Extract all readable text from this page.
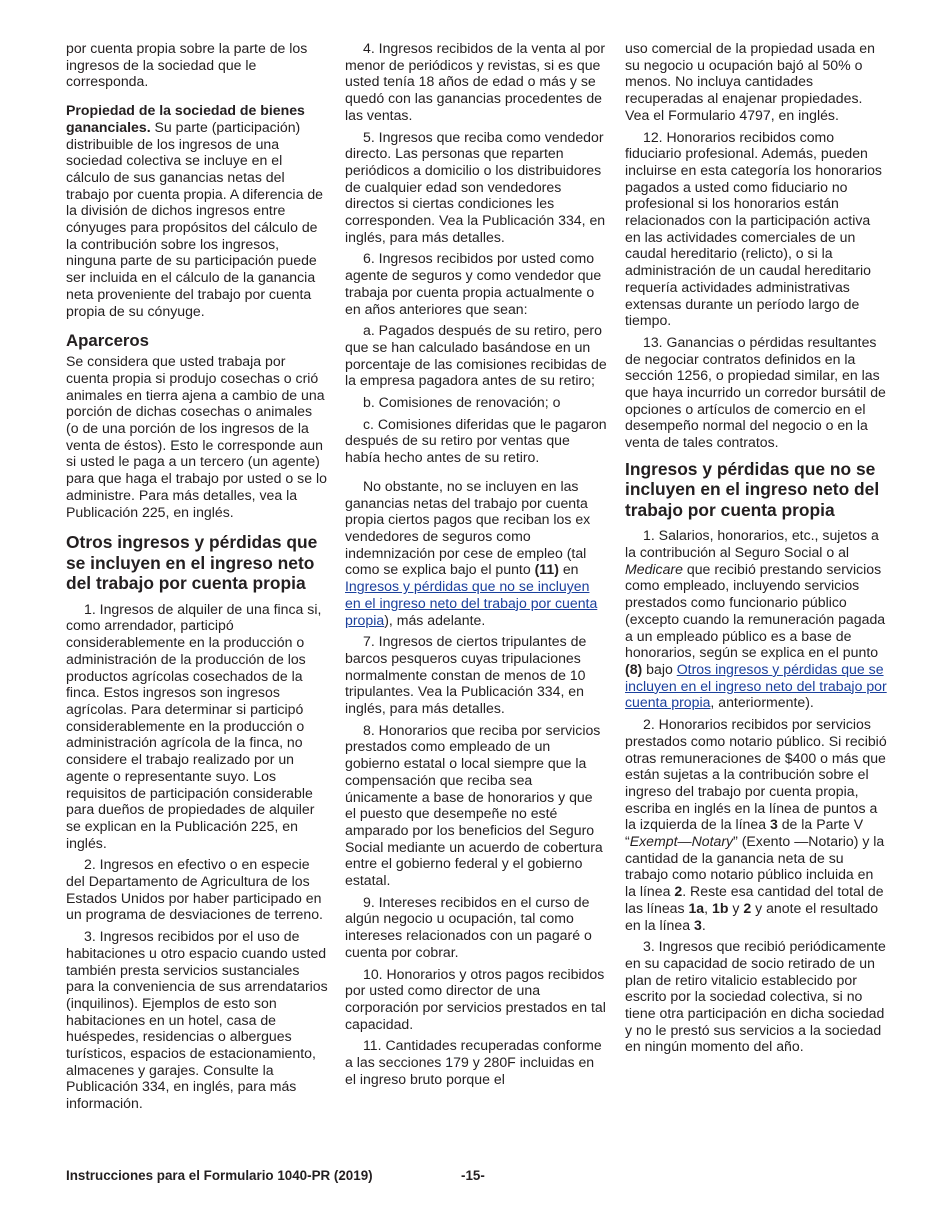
por cuenta propia sobre la parte de los ingresos de la sociedad que le corresponda.

Propiedad de la sociedad de bienes gananciales. Su parte (participación) distribuible de los ingresos de una sociedad colectiva se incluye en el cálculo de sus ganancias netas del trabajo por cuenta propia. A diferencia de la división de dichos ingresos entre cónyuges para propósitos del cálculo de la contribución sobre los ingresos, ninguna parte de su participación puede ser incluida en el cálculo de la ganancia neta proveniente del trabajo por cuenta propia de su cónyuge.

Aparceros

Se considera que usted trabaja por cuenta propia si produjo cosechas o crió animales en tierra ajena a cambio de una porción de dichas cosechas o animales (o de una porción de los ingresos de la venta de éstos). Esto le corresponde aun si usted le paga a un tercero (un agente) para que haga el trabajo por usted o se lo administre. Para más detalles, vea la Publicación 225, en inglés.

Otros ingresos y pérdidas que se incluyen en el ingreso neto del trabajo por cuenta propia

1. Ingresos de alquiler de una finca si, como arrendador, participó considerablemente en la producción o administración de la producción de los productos agrícolas cosechados de la finca. Estos ingresos son ingresos agrícolas. Para determinar si participó considerablemente en la producción o administración agrícola de la finca, no considere el trabajo realizado por un agente o representante suyo. Los requisitos de participación considerable para dueños de propiedades de alquiler se explican en la Publicación 225, en inglés.

2. Ingresos en efectivo o en especie del Departamento de Agricultura de los Estados Unidos por haber participado en un programa de desviaciones de terreno.

3. Ingresos recibidos por el uso de habitaciones u otro espacio cuando usted también presta servicios sustanciales para la conveniencia de sus arrendatarios (inquilinos). Ejemplos de esto son habitaciones en un hotel, casa de huéspedes, residencias o albergues turísticos, espacios de estacionamiento, almacenes y garajes. Consulte la Publicación 334, en inglés, para más información.

4. Ingresos recibidos de la venta al por menor de periódicos y revistas, si es que usted tenía 18 años de edad o más y se quedó con las ganancias procedentes de las ventas.

5. Ingresos que reciba como vendedor directo. Las personas que reparten periódicos a domicilio o los distribuidores de cualquier edad son vendedores directos si ciertas condiciones les corresponden. Vea la Publicación 334, en inglés, para más detalles.

6. Ingresos recibidos por usted como agente de seguros y como vendedor que trabaja por cuenta propia actualmente o en años anteriores que sean:

a. Pagados después de su retiro, pero que se han calculado basándose en un porcentaje de las comisiones recibidas de la empresa pagadora antes de su retiro;

b. Comisiones de renovación; o

c. Comisiones diferidas que le pagaron después de su retiro por ventas que había hecho antes de su retiro.

No obstante, no se incluyen en las ganancias netas del trabajo por cuenta propia ciertos pagos que reciban los ex vendedores de seguros como indemnización por cese de empleo (tal como se explica bajo el punto (11) en Ingresos y pérdidas que no se incluyen en el ingreso neto del trabajo por cuenta propia), más adelante.

7. Ingresos de ciertos tripulantes de barcos pesqueros cuyas tripulaciones normalmente constan de menos de 10 tripulantes. Vea la Publicación 334, en inglés, para más detalles.

8. Honorarios que reciba por servicios prestados como empleado de un gobierno estatal o local siempre que la compensación que reciba sea únicamente a base de honorarios y que el puesto que desempeñe no esté amparado por los beneficios del Seguro Social mediante un acuerdo de cobertura entre el gobierno federal y el gobierno estatal.

9. Intereses recibidos en el curso de algún negocio u ocupación, tal como intereses relacionados con un pagaré o cuenta por cobrar.

10. Honorarios y otros pagos recibidos por usted como director de una corporación por servicios prestados en tal capacidad.

11. Cantidades recuperadas conforme a las secciones 179 y 280F incluidas en el ingreso bruto porque el

uso comercial de la propiedad usada en su negocio u ocupación bajó al 50% o menos. No incluya cantidades recuperadas al enajenar propiedades. Vea el Formulario 4797, en inglés.

12. Honorarios recibidos como fiduciario profesional. Además, pueden incluirse en esta categoría los honorarios pagados a usted como fiduciario no profesional si los honorarios están relacionados con la participación activa en las actividades comerciales de un caudal hereditario (relicto), o si la administración de un caudal hereditario requería actividades administrativas extensas durante un período largo de tiempo.

13. Ganancias o pérdidas resultantes de negociar contratos definidos en la sección 1256, o propiedad similar, en las que haya incurrido un corredor bursátil de opciones o artículos de comercio en el desempeño normal del negocio o en la venta de tales contratos.

Ingresos y pérdidas que no se incluyen en el ingreso neto del trabajo por cuenta propia

1. Salarios, honorarios, etc., sujetos a la contribución al Seguro Social o al Medicare que recibió prestando servicios como empleado, incluyendo servicios prestados como funcionario público (excepto cuando la remuneración pagada a un empleado público es a base de honorarios, según se explica en el punto (8) bajo Otros ingresos y pérdidas que se incluyen en el ingreso neto del trabajo por cuenta propia, anteriormente).

2. Honorarios recibidos por servicios prestados como notario público. Si recibió otras remuneraciones de $400 o más que están sujetas a la contribución sobre el ingreso del trabajo por cuenta propia, escriba en inglés en la línea de puntos a la izquierda de la línea 3 de la Parte V “Exempt—Notary” (Exento —Notario) y la cantidad de la ganancia neta de su trabajo como notario público incluida en la línea 2. Reste esa cantidad del total de las líneas 1a, 1b y 2 y anote el resultado en la línea 3.

3. Ingresos que recibió periódicamente en su capacidad de socio retirado de un plan de retiro vitalicio establecido por escrito por la sociedad colectiva, si no tiene otra participación en dicha sociedad y no le prestó sus servicios a la sociedad en ningún momento del año.

Instrucciones para el Formulario 1040-PR (2019)	-15-
